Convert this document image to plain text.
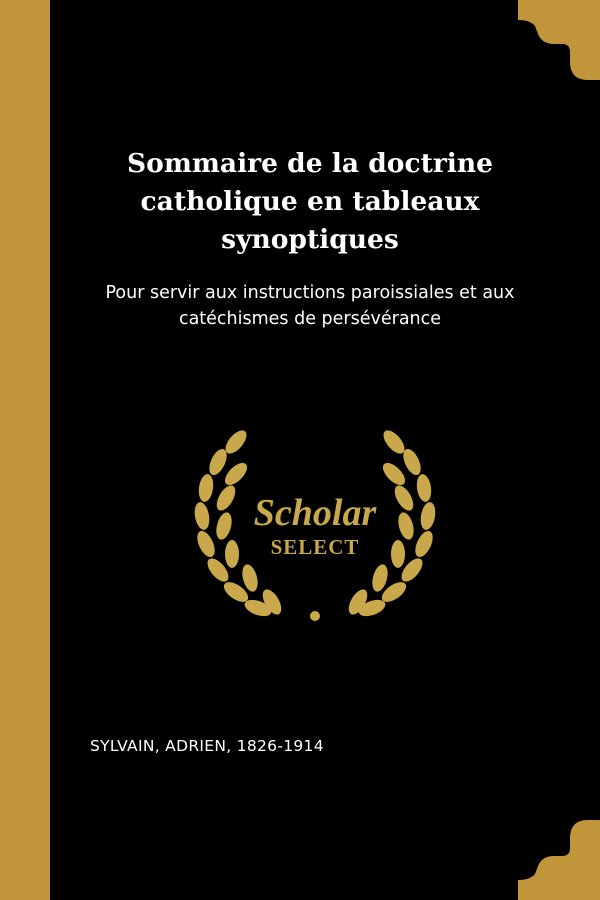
Sommaire de la doctrine catholique en tableaux synoptiques

Pour servir aux instructions paroissiales et aux catéchismes de persévérance

Scholar
SELECT

SYLVAIN, ADRIEN, 1826-1914
